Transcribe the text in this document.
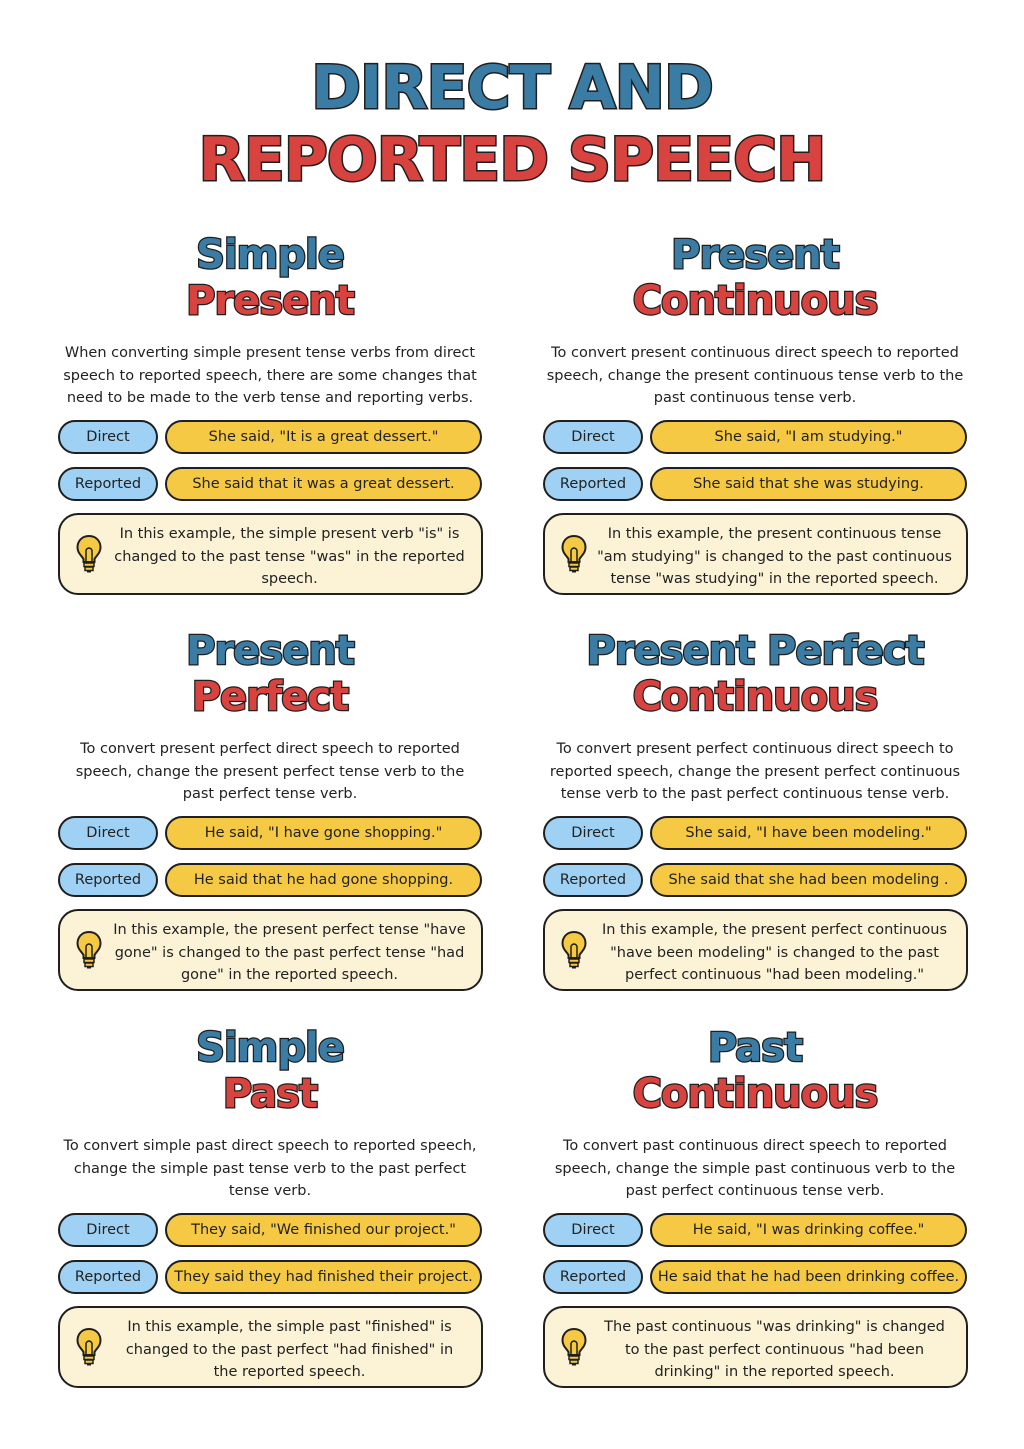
DIRECT AND
REPORTED SPEECH
Simple
Present
When converting simple present tense verbs from direct speech to reported speech, there are some changes that need to be made to the verb tense and reporting verbs.
Direct	She said, "It is a great dessert."
Reported	She said that it was a great dessert.
In this example, the simple present verb "is" is changed to the past tense "was" in the reported speech.
Present
Continuous
To convert present continuous direct speech to reported speech, change the present continuous tense verb to the past continuous tense verb.
Direct	She said, "I am studying."
Reported	She said that she was studying.
In this example, the present continuous tense "am studying" is changed to the past continuous tense "was studying" in the reported speech.
Present
Perfect
To convert present perfect direct speech to reported speech, change the present perfect tense verb to the past perfect tense verb.
Direct	He said, "I have gone shopping."
Reported	He said that he had gone shopping.
In this example, the present perfect tense "have gone" is changed to the past perfect tense "had gone" in the reported speech.
Present Perfect
Continuous
To convert present perfect continuous direct speech to reported speech, change the present perfect continuous tense verb to the past perfect continuous tense verb.
Direct	She said, "I have been modeling."
Reported	She said that she had been modeling .
In this example, the present perfect continuous "have been modeling" is changed to the past perfect continuous "had been modeling."
Simple
Past
To convert simple past direct speech to reported speech, change the simple past tense verb to the past perfect tense verb.
Direct	They said, "We finished our project."
Reported	They said they had finished their project.
In this example, the simple past "finished" is changed to the past perfect "had finished" in the reported speech.
Past
Continuous
To convert past continuous direct speech to reported speech, change the simple past continuous verb to the past perfect continuous tense verb.
Direct	He said, "I was drinking coffee."
Reported	He said that he had been drinking coffee.
The past continuous "was drinking" is changed to the past perfect continuous "had been drinking" in the reported speech.
